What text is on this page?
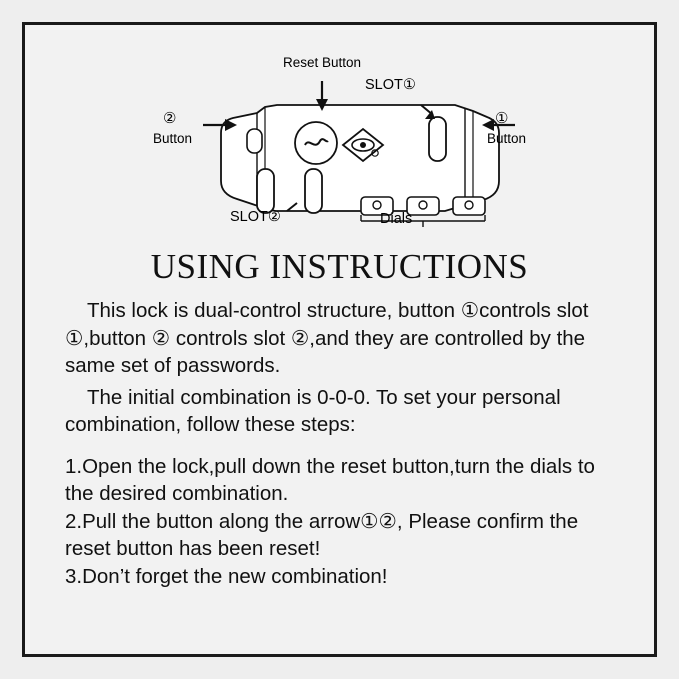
Reset Button
SLOT①
②
Button
①
Button
SLOT②	Dials
USING INSTRUCTIONS

This lock is dual-control structure, button ①controls slot ①,button ② controls slot ②,and they are controlled by the same set of passwords.

The initial combination is 0-0-0. To set your personal combination, follow these steps:

1.Open the lock,pull down the reset button,turn the dials to the desired combination.

2.Pull the button along the arrow①②, Please confirm the reset button has been reset!

3.Don’t forget the new combination!
